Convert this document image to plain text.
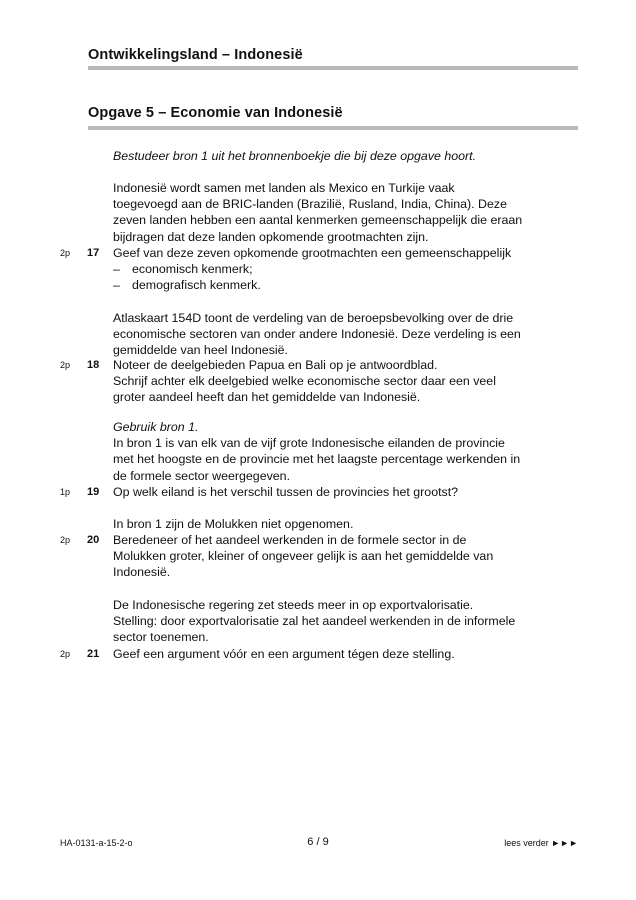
Ontwikkelingsland – Indonesië
Opgave 5 – Economie van Indonesië
Bestudeer bron 1 uit het bronnenboekje die bij deze opgave hoort.

Indonesië wordt samen met landen als Mexico en Turkije vaak

toegevoegd aan de BRIC-landen (Brazilië, Rusland, India, China). Deze

zeven landen hebben een aantal kenmerken gemeenschappelijk die eraan

bijdragen dat deze landen opkomende grootmachten zijn.

2p 17 Geef van deze zeven opkomende grootmachten een gemeenschappelijk

– economisch kenmerk;

– demografisch kenmerk.

Atlaskaart 154D toont de verdeling van de beroepsbevolking over de drie

economische sectoren van onder andere Indonesië. Deze verdeling is een

gemiddelde van heel Indonesië.

2p 18 Noteer de deelgebieden Papua en Bali op je antwoordblad.

Schrijf achter elk deelgebied welke economische sector daar een veel

groter aandeel heeft dan het gemiddelde van Indonesië.

Gebruik bron 1.

In bron 1 is van elk van de vijf grote Indonesische eilanden de provincie

met het hoogste en de provincie met het laagste percentage werkenden in

de formele sector weergegeven.

1p 19 Op welk eiland is het verschil tussen de provincies het grootst?

In bron 1 zijn de Molukken niet opgenomen.
2p 20 Beredeneer of het aandeel werkenden in de formele sector in de

Molukken groter, kleiner of ongeveer gelijk is aan het gemiddelde van

Indonesië.

De Indonesische regering zet steeds meer in op exportvalorisatie.

Stelling: door exportvalorisatie zal het aandeel werkenden in de informele

sector toenemen.

2p 21 Geef een argument vóór en een argument tégen deze stelling.

HA-0131-a-15-2-o	6 / 9	lees verder ►►►
